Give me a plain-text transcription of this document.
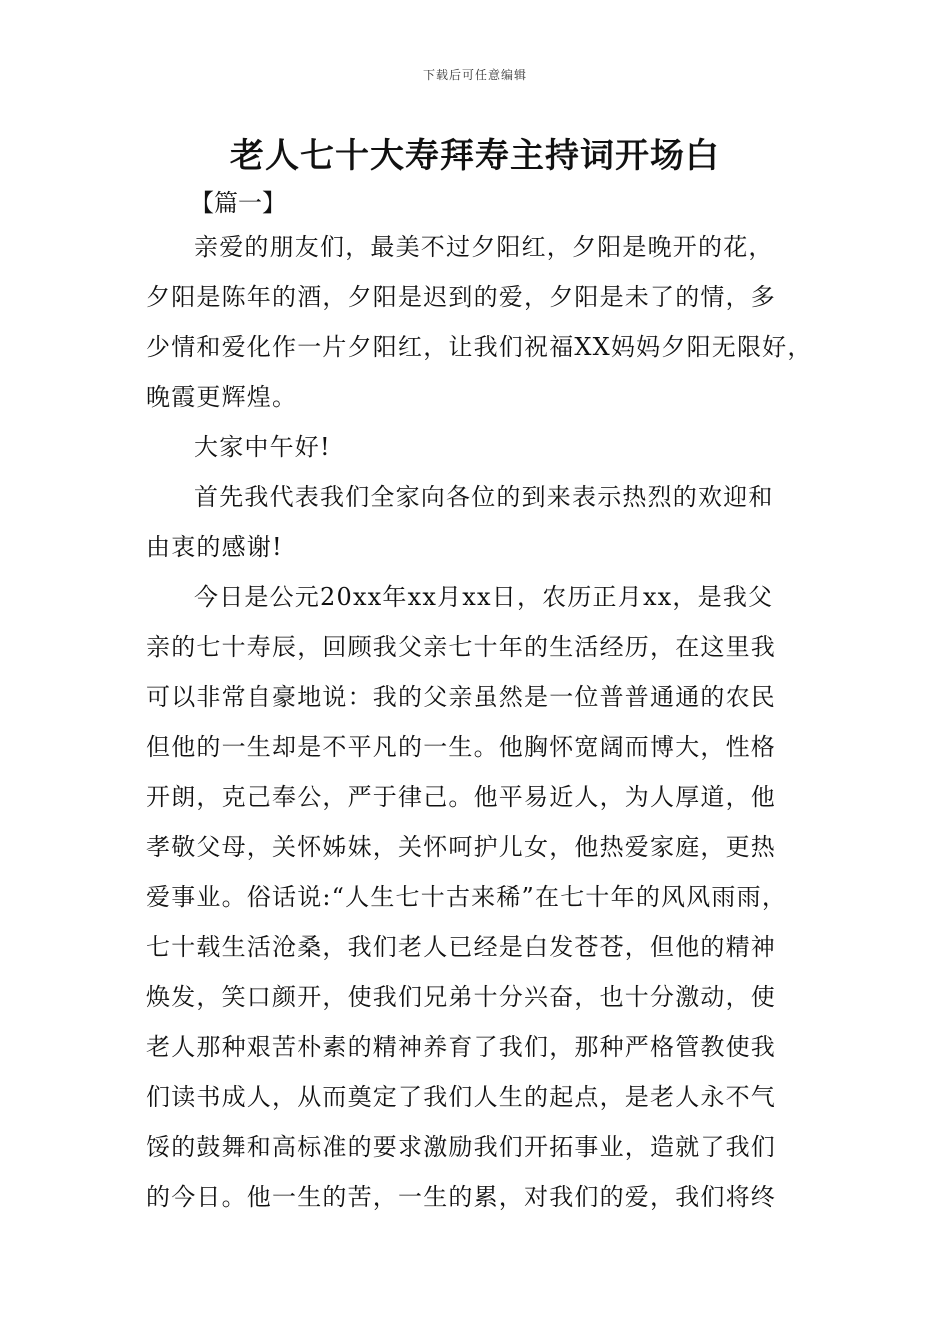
下载后可任意编辑
老人七十大寿拜寿主持词开场白
【篇一】
亲爱的朋友们，最美不过夕阳红，夕阳是晚开的花，
夕阳是陈年的酒，夕阳是迟到的爱，夕阳是未了的情，多
少情和爱化作一片夕阳红，让我们祝福XX妈妈夕阳无限好，
晚霞更辉煌。
大家中午好!
首先我代表我们全家向各位的到来表示热烈的欢迎和
由衷的感谢!
今日是公元20xx年xx月xx日，农历正月xx，是我父
亲的七十寿辰，回顾我父亲七十年的生活经历，在这里我
可以非常自豪地说：我的父亲虽然是一位普普通通的农民
但他的一生却是不平凡的一生。他胸怀宽阔而博大，性格
开朗，克己奉公，严于律己。他平易近人，为人厚道，他
孝敬父母，关怀姊妹，关怀呵护儿女，他热爱家庭，更热
爱事业。俗话说:“人生七十古来稀”在七十年的风风雨雨，
七十载生活沧桑，我们老人已经是白发苍苍，但他的精神
焕发，笑口颜开，使我们兄弟十分兴奋，也十分激动，使
老人那种艰苦朴素的精神养育了我们，那种严格管教使我
们读书成人，从而奠定了我们人生的起点，是老人永不气
馁的鼓舞和高标准的要求激励我们开拓事业，造就了我们
的今日。他一生的苦，一生的累，对我们的爱，我们将终
